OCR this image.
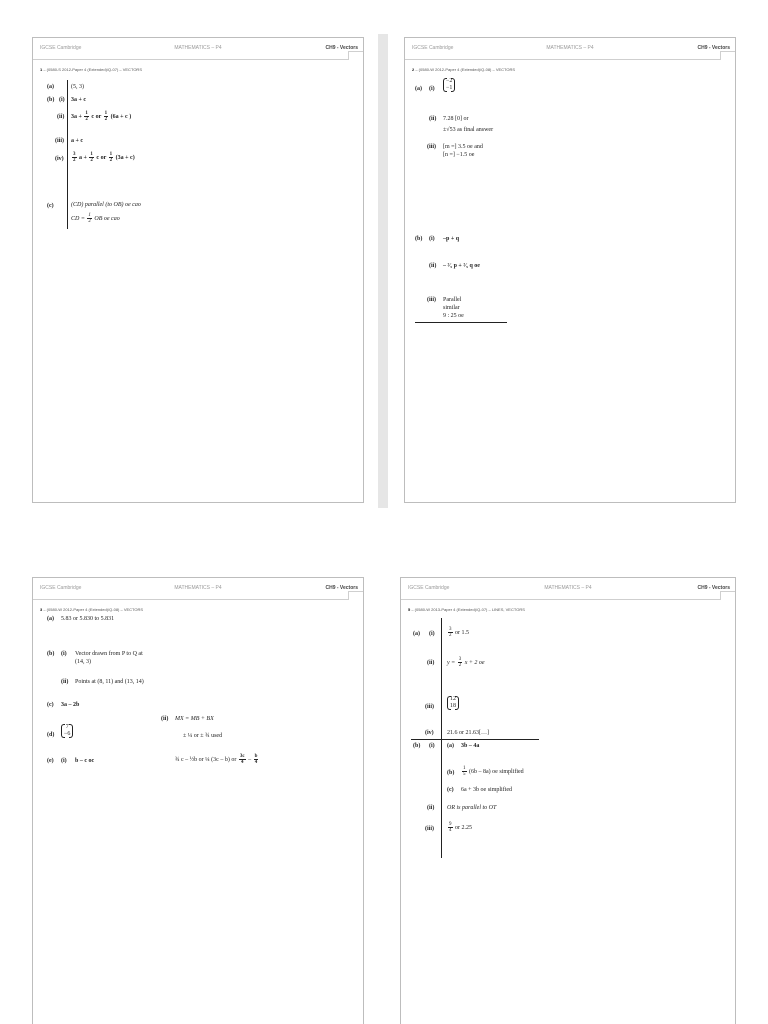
IGCSE Cambridge	MATHEMATICS – P4	CH9 - Vectors
1 – (0580-S 2012-Paper 4 (Extended)/Q-07) – VECTORS
(a)	(5, 3)
(b) (i) 3a + c
(ii) $3a + \frac{1}{2}$ c or $\frac{1}{2} (6a + c$ )
(iii) a + c
$(iv) \frac{3}{2}$ $a + \frac{1}{2}$ c or $\frac{1}{2} (3a + c)$
(c)	(CD) parallel (to OB) oe cao
CD = $\frac{1}{2}$ OB oe cao
IGCSE Cambridge	MATHEMATICS – P4	CH9 - Vectors
2 – (0580-W 2012-Paper 4 (Extended)/Q-08) – VECTORS
(a) (i)
−2
−1
(ii) 7.28 [0] or
±√53 as final answer
(iii) [m =] 3.5 oe and
[n =] −1.5 oe
(b) (i) –p + q
(ii) – ²⁄₅ p + ²⁄₅ q oe
(iii) Parallel
similar
9 : 25 oe
IGCSE Cambridge	MATHEMATICS – P4	CH9 - Vectors
3 – (0580-W 2012-Paper 4 (Extended)/Q-08) – VECTORS
(a) 5.83 or 5.830 to 5.831
(b) (i) Vector drawn from P to Q at
(14, 3)
(ii) Points at (8, 11) and (13, 14)
(c) 3a – 2b
(d)
7
−6
(e) (i) b – c oc
(ii) MX = MB + BX
± ¼ or ± ¾ used
¾ c – ½b or ¼ (3c – b) or $\frac{3c}{4} - \frac{b}{4}$
IGCSE Cambridge	MATHEMATICS – P4	CH9 - Vectors
5 – (0580-W 2013-Paper 4 (Extended)/Q-07) – LINES, VECTORS
(a) (i)	$\frac{3}{2}$ or 1.5
(ii) $y = \frac{3}{2}$ x + 2 oe
(iii)
12
18
(iv) 21.6 or 21.63[…]
(b) (i) (a) 3b – 4a
$(b) \frac{1}{5} (6b - 8a)$ oe simplified
(c) 6a + 3b oe simplified
(ii) OR is parallel to OT
(iii)	$\frac{9}{4}$ or 2.25
